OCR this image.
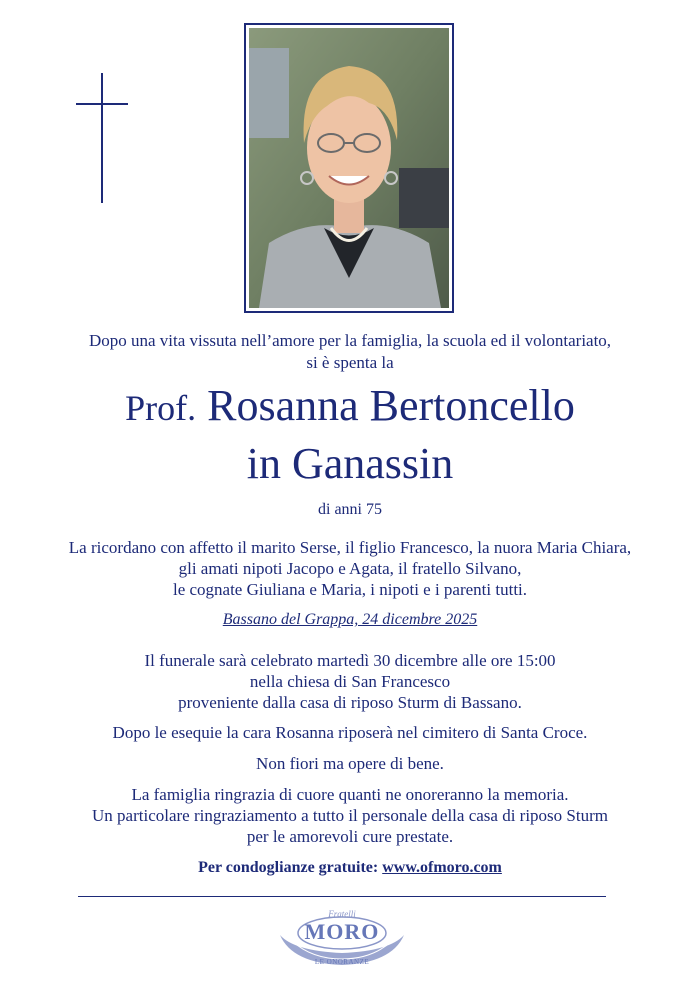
Dopo una vita vissuta nell’amore per la famiglia, la scuola ed il volontariato,
si è spenta la
Prof. Rosanna Bertoncello
in Ganassin
di anni 75
La ricordano con affetto il marito Serse, il figlio Francesco, la nuora Maria Chiara,
gli amati nipoti Jacopo e Agata, il fratello Silvano,
le cognate Giuliana e Maria, i nipoti e i parenti tutti.
Bassano del Grappa, 24 dicembre 2025
Il funerale sarà celebrato martedì 30 dicembre alle ore 15:00
nella chiesa di San Francesco
proveniente dalla casa di riposo Sturm di Bassano.
Dopo le esequie la cara Rosanna riposerà nel cimitero di Santa Croce.
Non fiori ma opere di bene.
La famiglia ringrazia di cuore quanti ne onoreranno la memoria.
Un particolare ringraziamento a tutto il personale della casa di riposo Sturm
per le amorevoli cure prestate.
Per condoglianze gratuite: www.ofmoro.com
Fratelli
MORO
LE ONORANZE
